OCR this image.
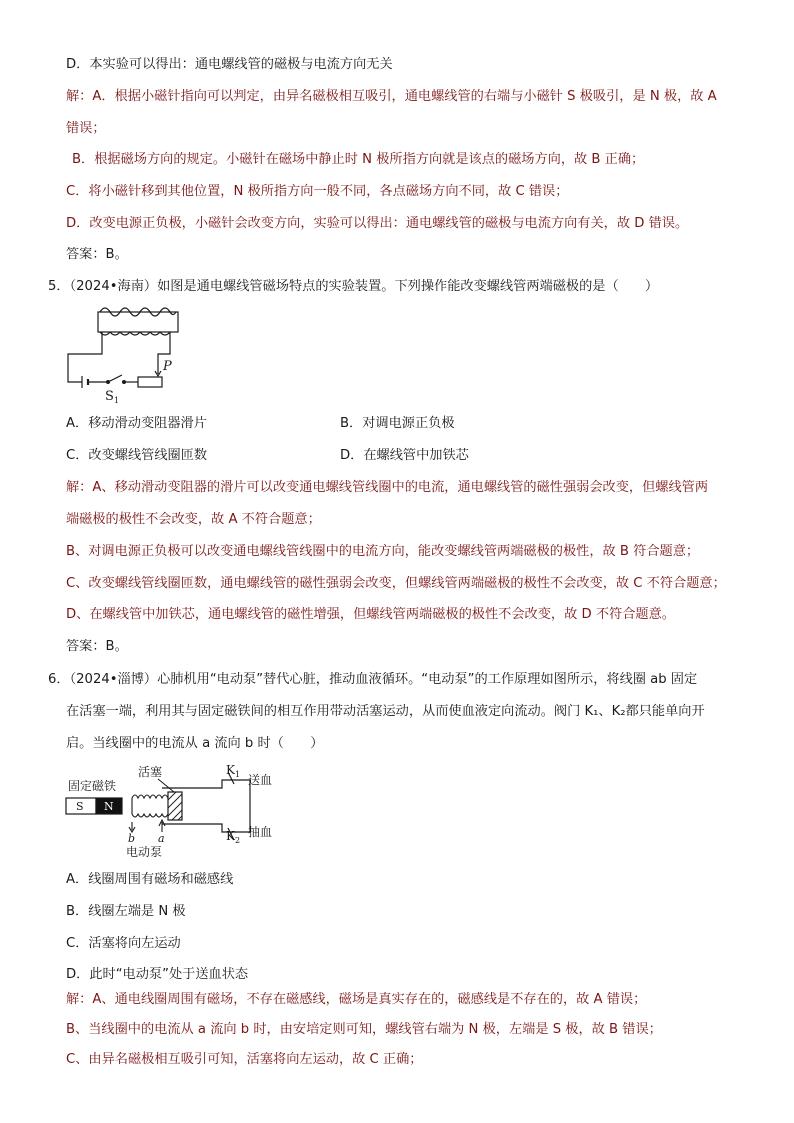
D．本实验可以得出：通电螺线管的磁极与电流方向无关
解：A．根据小磁针指向可以判定，由异名磁极相互吸引，通电螺线管的右端与小磁针 S 极吸引，是 N 极，故 A
错误；
B．根据磁场方向的规定。小磁针在磁场中静止时 N 极所指方向就是该点的磁场方向，故 B 正确；
C．将小磁针移到其他位置，N 极所指方向一般不同，各点磁场方向不同，故 C 错误；
D．改变电源正负极，小磁针会改变方向，实验可以得出：通电螺线管的磁极与电流方向有关，故 D 错误。
答案：B。
5．（2024•海南）如图是通电螺线管磁场特点的实验装置。下列操作能改变螺线管两端磁极的是（　　）
P
S 1
A．移动滑动变阻器滑片	B．对调电源正负极
C．改变螺线管线圈匝数	D．在螺线管中加铁芯
解：A、移动滑动变阻器的滑片可以改变通电螺线管线圈中的电流，通电螺线管的磁性强弱会改变，但螺线管两
端磁极的极性不会改变，故 A 不符合题意；
B、对调电源正负极可以改变通电螺线管线圈中的电流方向，能改变螺线管两端磁极的极性，故 B 符合题意；
C、改变螺线管线圈匝数，通电螺线管的磁性强弱会改变，但螺线管两端磁极的极性不会改变，故 C 不符合题意；
D、在螺线管中加铁芯，通电螺线管的磁性增强，但螺线管两端磁极的极性不会改变，故 D 不符合题意。
答案：B。
6．（2024•淄博）心肺机用“电动泵”替代心脏，推动血液循环。“电动泵”的工作原理如图所示，将线圈 ab 固定
在活塞一端，利用其与固定磁铁间的相互作用带动活塞运动，从而使血液定向流动。阀门 K₁、K₂都只能单向开
启。当线圈中的电流从 a 流向 b 时（　　）
固定磁铁
S N
活塞	K 1 送血
K 2
抽血
b a
电动泵
A．线圈周围有磁场和磁感线
B．线圈左端是 N 极
C．活塞将向左运动
D．此时“电动泵”处于送血状态
解：A、通电线圈周围有磁场，不存在磁感线，磁场是真实存在的，磁感线是不存在的，故 A 错误；
B、当线圈中的电流从 a 流向 b 时，由安培定则可知，螺线管右端为 N 极，左端是 S 极，故 B 错误；
C、由异名磁极相互吸引可知，活塞将向左运动，故 C 正确；
